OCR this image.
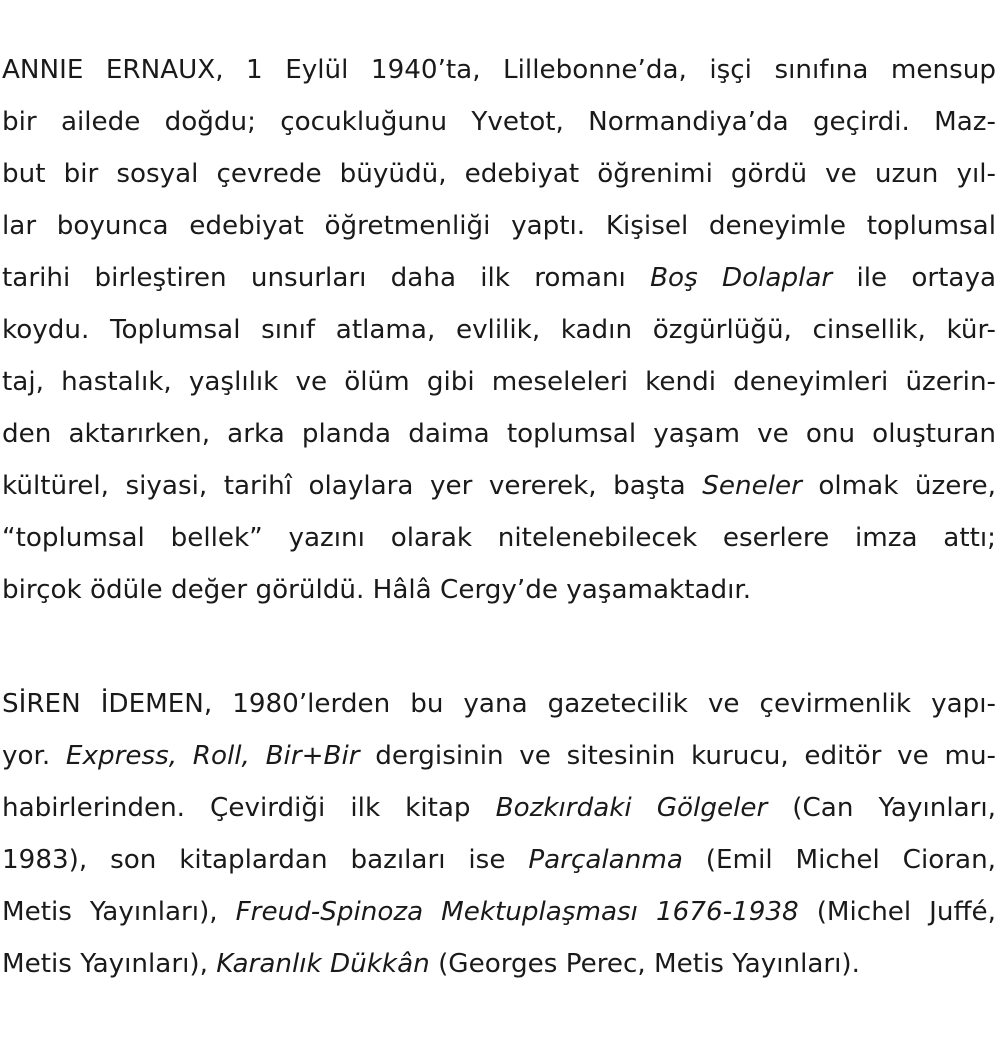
ANNIE ERNAUX, 1 Eylül 1940’ta, Lillebonne’da, işçi sınıfına mensup
bir ailede doğdu; çocukluğunu Yvetot, Normandiya’da geçirdi. Maz-
but bir sosyal çevrede büyüdü, edebiyat öğrenimi gördü ve uzun yıl-
lar boyunca edebiyat öğretmenliği yaptı. Kişisel deneyimle toplumsal
tarihi birleştiren unsurları daha ilk romanı Boş Dolaplar ile ortaya
koydu. Toplumsal sınıf atlama, evlilik, kadın özgürlüğü, cinsellik, kür-
taj, hastalık, yaşlılık ve ölüm gibi meseleleri kendi deneyimleri üzerin-
den aktarırken, arka planda daima toplumsal yaşam ve onu oluşturan
kültürel, siyasi, tarihî olaylara yer vererek, başta Seneler olmak üzere,
“toplumsal bellek” yazını olarak nitelenebilecek eserlere imza attı;
birçok ödüle değer görüldü. Hâlâ Cergy’de yaşamaktadır.
SİREN İDEMEN, 1980’lerden bu yana gazetecilik ve çevirmenlik yapı-
yor. Express, Roll, Bir+Bir dergisinin ve sitesinin kurucu, editör ve mu-
habirlerinden. Çevirdiği ilk kitap Bozkırdaki Gölgeler (Can Yayınları,
1983), son kitaplardan bazıları ise Parçalanma (Emil Michel Cioran,
Metis Yayınları), Freud-Spinoza Mektuplaşması 1676-1938 (Michel Juffé,
Metis Yayınları), Karanlık Dükkân (Georges Perec, Metis Yayınları).
